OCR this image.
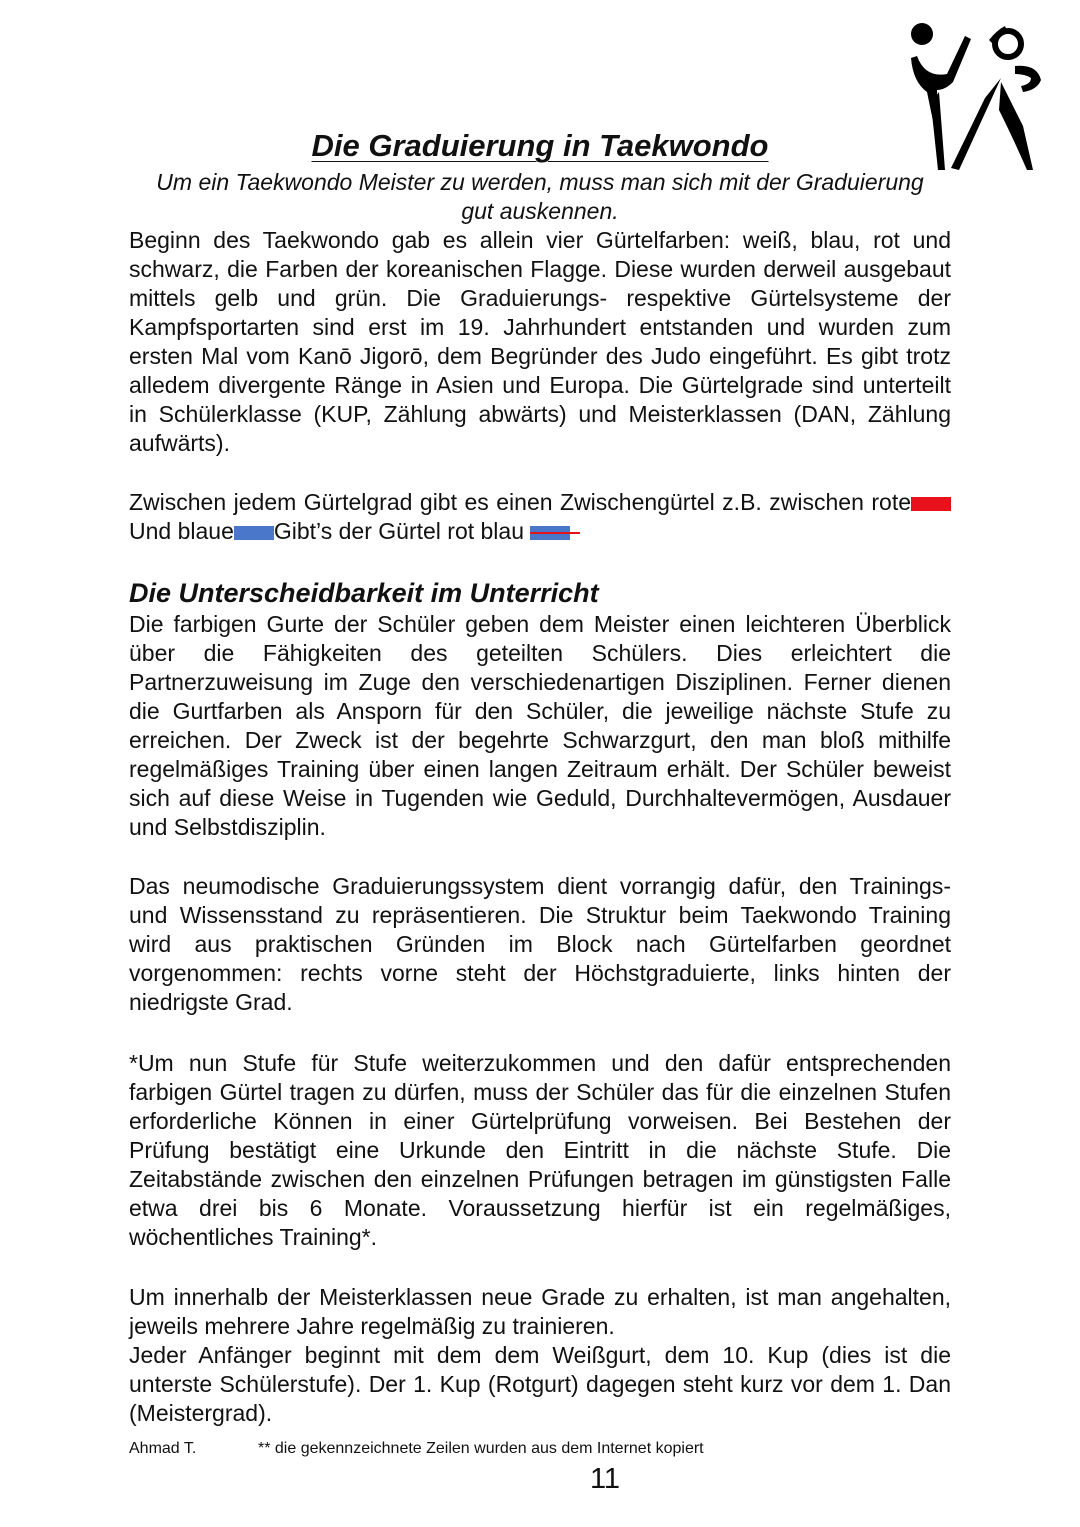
Die Graduierung in Taekwondo

Um ein Taekwondo Meister zu werden, muss man sich mit der Graduierung gut auskennen.

Beginn des Taekwondo gab es allein vier Gürtelfarben: weiß, blau, rot und schwarz, die Farben der koreanischen Flagge. Diese wurden derweil ausgebaut mittels gelb und grün. Die Graduierungs- respektive Gürtelsysteme der Kampfsportarten sind erst im 19. Jahrhundert entstanden und wurden zum ersten Mal vom Kanō Jigorō, dem Begründer des Judo eingeführt. Es gibt trotz alledem divergente Ränge in Asien und Europa. Die Gürtelgrade sind unterteilt in Schülerklasse (KUP, Zählung abwärts) und Meisterklassen (DAN, Zählung aufwärts).

Zwischen jedem Gürtelgrad gibt es einen Zwischengürtel z.B. zwischen roteUnd blaue Gibt’s der Gürtel rot blau

Die Unterscheidbarkeit im Unterricht

Die farbigen Gurte der Schüler geben dem Meister einen leichteren Überblick über die Fähigkeiten des geteilten Schülers. Dies erleichtert die Partnerzuweisung im Zuge den verschiedenartigen Disziplinen. Ferner dienen die Gurtfarben als Ansporn für den Schüler, die jeweilige nächste Stufe zu erreichen. Der Zweck ist der begehrte Schwarzgurt, den man bloß mithilfe regelmäßiges Training über einen langen Zeitraum erhält. Der Schüler beweist sich auf diese Weise in Tugenden wie Geduld, Durchhaltevermögen, Ausdauer und Selbstdisziplin.

Das neumodische Graduierungssystem dient vorrangig dafür, den Trainings- und Wissensstand zu repräsentieren. Die Struktur beim Taekwondo Training wird aus praktischen Gründen im Block nach Gürtelfarben geordnet vorgenommen: rechts vorne steht der Höchstgraduierte, links hinten der niedrigste Grad.

*Um nun Stufe für Stufe weiterzukommen und den dafür entsprechenden farbigen Gürtel tragen zu dürfen, muss der Schüler das für die einzelnen Stufen erforderliche Können in einer Gürtelprüfung vorweisen. Bei Bestehen der Prüfung bestätigt eine Urkunde den Eintritt in die nächste Stufe. Die Zeitabstände zwischen den einzelnen Prüfungen betragen im günstigsten Falle etwa drei bis 6 Monate. Voraussetzung hierfür ist ein regelmäßiges, wöchentliches Training*.

Um innerhalb der Meisterklassen neue Grade zu erhalten, ist man angehalten, jeweils mehrere Jahre regelmäßig zu trainieren.

Jeder Anfänger beginnt mit dem dem Weißgurt, dem 10. Kup (dies ist die unterste Schülerstufe). Der 1. Kup (Rotgurt) dagegen steht kurz vor dem 1. Dan (Meistergrad).

Ahmad T.	** die gekennzeichnete Zeilen wurden aus dem Internet kopiert
11
